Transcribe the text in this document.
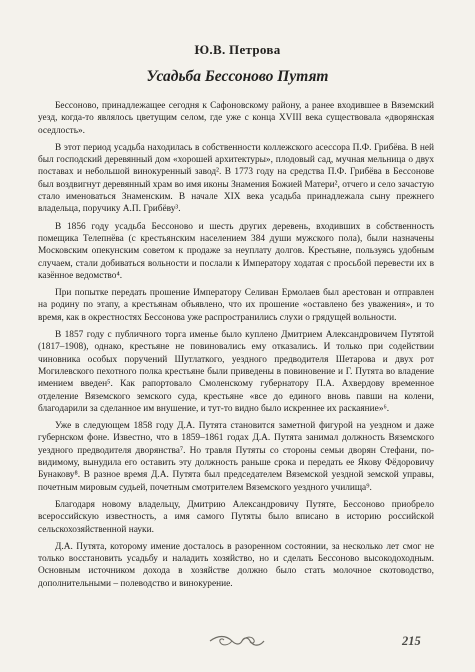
Ю.В. Петрова
Усадьба Бессоново Путят

Бессоново, принадлежащее сегодня к Сафоновскому району, а ранее входившее в Вяземский уезд, когда-то являлось цветущим селом, где уже с конца XVIII века существовала «дворянская оседлость».

В этот период усадьба находилась в собственности коллежского асессора П.Ф. Грибёва. В ней был господский деревянный дом «хорошей архитектуры», плодовый сад, мучная мельница о двух поставах и небольшой винокуренный завод². В 1773 году на средства П.Ф. Грибёва в Бессонове был воздвигнут деревянный храм во имя иконы Знамения Божией Матери², отчего и село зачастую стало именоваться Знаменским. В начале XIX века усадьба принадлежала сыну прежнего владельца, поручику А.П. Грибёву³.

В 1856 году усадьба Бессоново и шесть других деревень, входивших в собственность помещика Телепнёва (с крестьянским населением 384 души мужского пола), были назначены Московским опекунским советом к продаже за неуплату долгов. Крестьяне, пользуясь удобным случаем, стали добиваться вольности и послали к Императору ходатая с просьбой перевести их в казённое ведомство⁴.

При попытке передать прошение Императору Селиван Ермолаев был арестован и отправлен на родину по этапу, а крестьянам объявлено, что их прошение «оставлено без уважения», и то время, как в окрестностях Бессонова уже распространились слухи о грядущей вольности.

В 1857 году с публичного торга именье было куплено Дмитрием Александровичем Путятой (1817–1908), однако, крестьяне не повиновались ему отказались. И только при содействии чиновника особых поручений Шутлаткого, уездного предводителя Шетарова и двух рот Могилевского пехотного полка крестьяне были приведены в повиновение и Г. Путята во владение имением введен⁵. Как рапортовало Смоленскому губернатору П.А. Ахвердову временное отделение Вяземского земского суда, крестьяне «все до единого вновь павши на колени, благодарили за сделанное им внушение, и тут-то видно было искреннее их раскаяние»⁶.

Уже в следующем 1858 году Д.А. Путята становится заметной фигурой на уездном и даже губернском фоне. Известно, что в 1859–1861 годах Д.А. Путята занимал должность Вяземского уездного предводителя дворянства⁷. Но травля Путяты со стороны семьи дворян Стефани, по-видимому, вынудила его оставить эту должность раньше срока и передать ее Якову Фёдоровичу Бунакову⁸. В разное время Д.А. Путята был председателем Вяземской уездной земской управы, почетным мировым судьей, почетным смотрителем Вяземского уездного училища⁹.

Благодаря новому владельцу, Дмитрию Александровичу Путяте, Бессоново приобрело всероссийскую известность, а имя самого Путяты было вписано в историю российской сельскохозяйственной науки.

Д.А. Путята, которому имение досталось в разоренном состоянии, за несколько лет смог не только восстановить усадьбу и наладить хозяйство, но и сделать Бессоново высокодоходным. Основным источником дохода в хозяйстве должно было стать молочное скотоводство, дополнительными – полеводство и винокурение.

215
